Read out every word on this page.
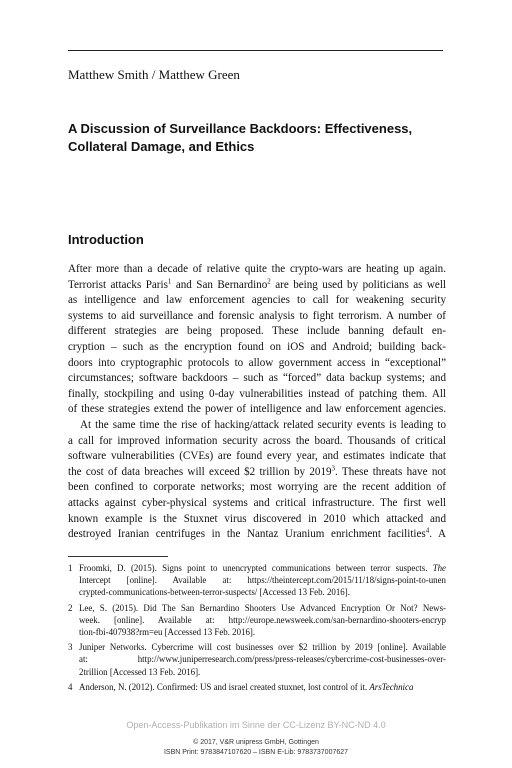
Matthew Smith / Matthew Green
A Discussion of Surveillance Backdoors: Effectiveness,
Collateral Damage, and Ethics
Introduction
After more than a decade of relative quite the crypto-wars are heating up again.
Terrorist attacks Paris$^1$ and San Bernardino$^2$ are being used by politicians as well
as intelligence and law enforcement agencies to call for weakening security
systems to aid surveillance and forensic analysis to fight terrorism. A number of
different strategies are being proposed. These include banning default en-
cryption – such as the encryption found on iOS and Android; building back-
doors into cryptographic protocols to allow government access in “exceptional”
circumstances; software backdoors – such as “forced” data backup systems; and
finally, stockpiling and using 0-day vulnerabilities instead of patching them. All
of these strategies extend the power of intelligence and law enforcement agencies.
At the same time the rise of hacking/attack related security events is leading to
a call for improved information security across the board. Thousands of critical
software vulnerabilities (CVEs) are found every year, and estimates indicate that
the cost of data breaches will exceed $2 trillion by 2019$^3$. These threats have not
been confined to corporate networks; most worrying are the recent addition of
attacks against cyber-physical systems and critical infrastructure. The first well
known example is the Stuxnet virus discovered in 2010 which attacked and
destroyed Iranian centrifuges in the Nantaz Uranium enrichment facilities$^4$. A
1 Froomki, D. (2015). Signs point to unencrypted communications between terror suspects. The
Intercept [online]. Available at: https://theintercept.com/2015/11/18/signs-point-to-unen
crypted-communications-between-terror-suspects/ [Accessed 13 Feb. 2016].
2 Lee, S. (2015). Did The San Bernardino Shooters Use Advanced Encryption Or Not? News-
week. [online]. Available at: http://europe.newsweek.com/san-bernardino-shooters-encryp
tion-fbi-407938?rm=eu [Accessed 13 Feb. 2016].
3 Juniper Networks. Cybercrime will cost businesses over $2 trillion by 2019 [online]. Available
at: http://www.juniperresearch.com/press/press-releases/cybercrime-cost-businesses-over-
2trillion [Accessed 13 Feb. 2016].
4 Anderson, N. (2012). Confirmed: US and israel created stuxnet, lost control of it. ArsTechnica
Open-Access-Publikation im Sinne der CC-Lizenz BY-NC-ND 4.0
© 2017, V&R unipress GmbH, Gottingen
ISBN Print: 9783847107620 – ISBN E-Lib: 9783737007627
